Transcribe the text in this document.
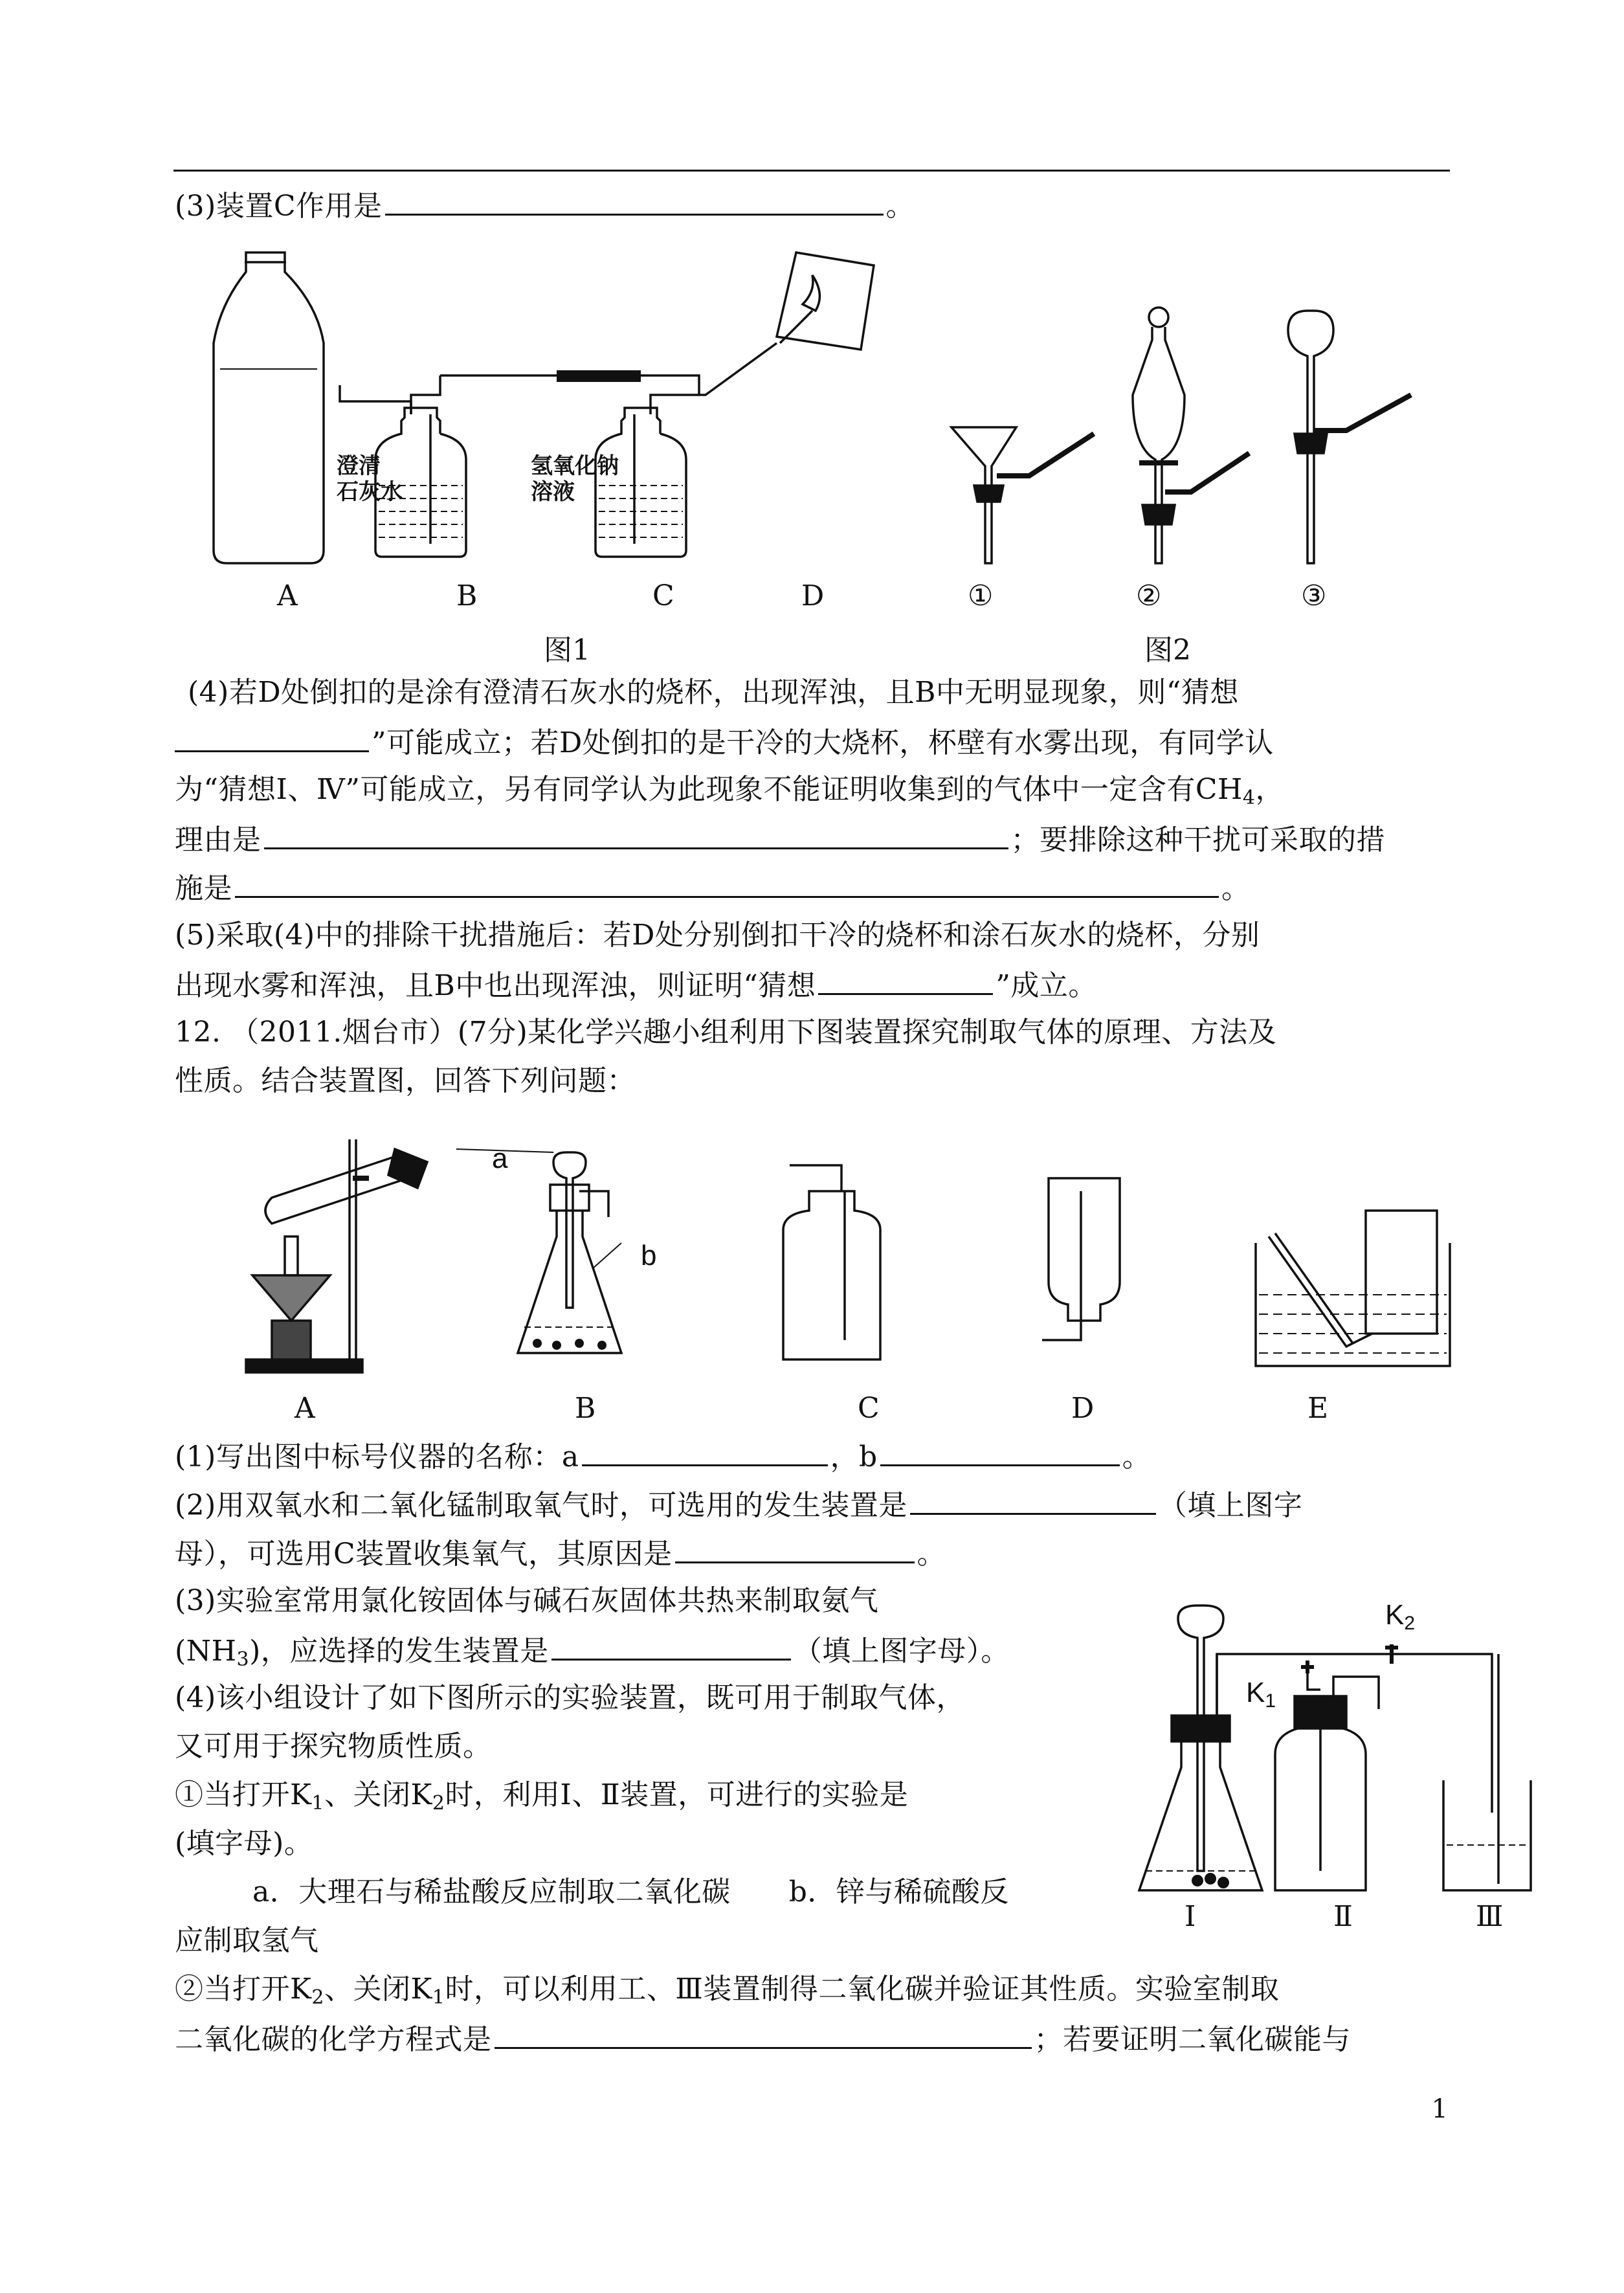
(3)装置C作用是	。
澄清
石灰水
氢氧化钠
溶液
A	B	C	D
图1
①	②	③
图2
(4)若D处倒扣的是涂有澄清石灰水的烧杯，出现浑浊，且B中无明显现象，则“猜想
”可能成立；若D处倒扣的是干冷的大烧杯，杯壁有水雾出现，有同学认
为“猜想Ⅰ、Ⅳ”可能成立，另有同学认为此现象不能证明收集到的气体中一定含有$CH_4$，
理由是	；要排除这种干扰可采取的措
施是	。
(5)采取(4)中的排除干扰措施后：若D处分别倒扣干冷的烧杯和涂石灰水的烧杯，分别
出现水雾和浑浊，且B中也出现浑浊，则证明“猜想	”成立。
12. （2011.烟台市）(7分)某化学兴趣小组利用下图装置探究制取气体的原理、方法及
性质。结合装置图，回答下列问题：
a
b
A	B	C	D	E
(1)写出图中标号仪器的名称：a	，b	。
(2)用双氧水和二氧化锰制取氧气时，可选用的发生装置是	（填上图字
母），可选用C装置收集氧气，其原因是	。
(3)实验室常用氯化铵固体与碱石灰固体共热来制取氨气
$(NH_3)$，应选择的发生装置是	（填上图字母）。
(4)该小组设计了如下图所示的实验装置，既可用于制取气体，
又可用于探究物质性质。
①当打开$K_1$、关闭$K_2$时，利用Ⅰ、Ⅱ装置，可进行的实验是
(填字母)。
a．大理石与稀盐酸反应制取二氧化碳 b．锌与稀硫酸反
应制取氢气
$K_2$
$K_1$
Ⅰ	Ⅱ	Ⅲ
②当打开$K_2$、关闭$K_1$时，可以利用工、Ⅲ装置制得二氧化碳并验证其性质。实验室制取
二氧化碳的化学方程式是	；若要证明二氧化碳能与
1
